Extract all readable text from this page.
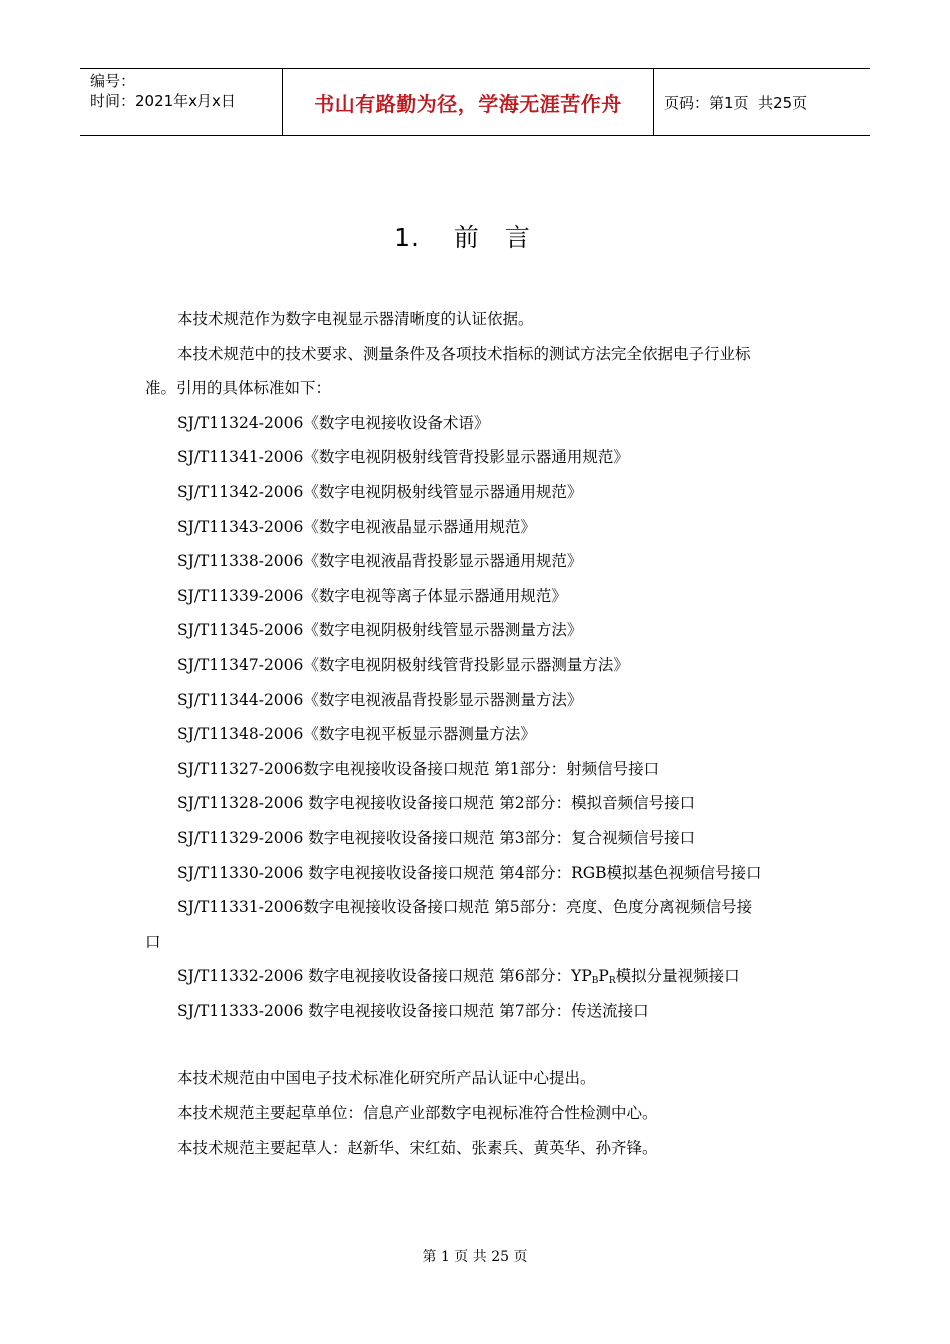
编号：
时间：2021年x月x日	书山有路勤为径，学海无涯苦作舟	页码：第1页  共25页
1. 前言
本技术规范作为数字电视显示器清晰度的认证依据。
本技术规范中的技术要求、测量条件及各项技术指标的测试方法完全依据电子行业标
准。引用的具体标准如下：
SJ/T11324-2006《数字电视接收设备术语》
SJ/T11341-2006《数字电视阴极射线管背投影显示器通用规范》
SJ/T11342-2006《数字电视阴极射线管显示器通用规范》
SJ/T11343-2006《数字电视液晶显示器通用规范》
SJ/T11338-2006《数字电视液晶背投影显示器通用规范》
SJ/T11339-2006《数字电视等离子体显示器通用规范》
SJ/T11345-2006《数字电视阴极射线管显示器测量方法》
SJ/T11347-2006《数字电视阴极射线管背投影显示器测量方法》
SJ/T11344-2006《数字电视液晶背投影显示器测量方法》
SJ/T11348-2006《数字电视平板显示器测量方法》
SJ/T11327-2006数字电视接收设备接口规范 第1部分：射频信号接口
SJ/T11328-2006 数字电视接收设备接口规范 第2部分：模拟音频信号接口
SJ/T11329-2006 数字电视接收设备接口规范 第3部分：复合视频信号接口
SJ/T11330-2006 数字电视接收设备接口规范 第4部分：RGB模拟基色视频信号接口
SJ/T11331-2006数字电视接收设备接口规范 第5部分：亮度、色度分离视频信号接
口
SJ/T11332-2006 数字电视接收设备接口规范 第6部分：$YP_BP_R$模拟分量视频接口
SJ/T11333-2006 数字电视接收设备接口规范 第7部分：传送流接口
本技术规范由中国电子技术标准化研究所产品认证中心提出。
本技术规范主要起草单位：信息产业部数字电视标准符合性检测中心。
本技术规范主要起草人：赵新华、宋红茹、张素兵、黄英华、孙齐锋。
第 1 页 共 25 页
